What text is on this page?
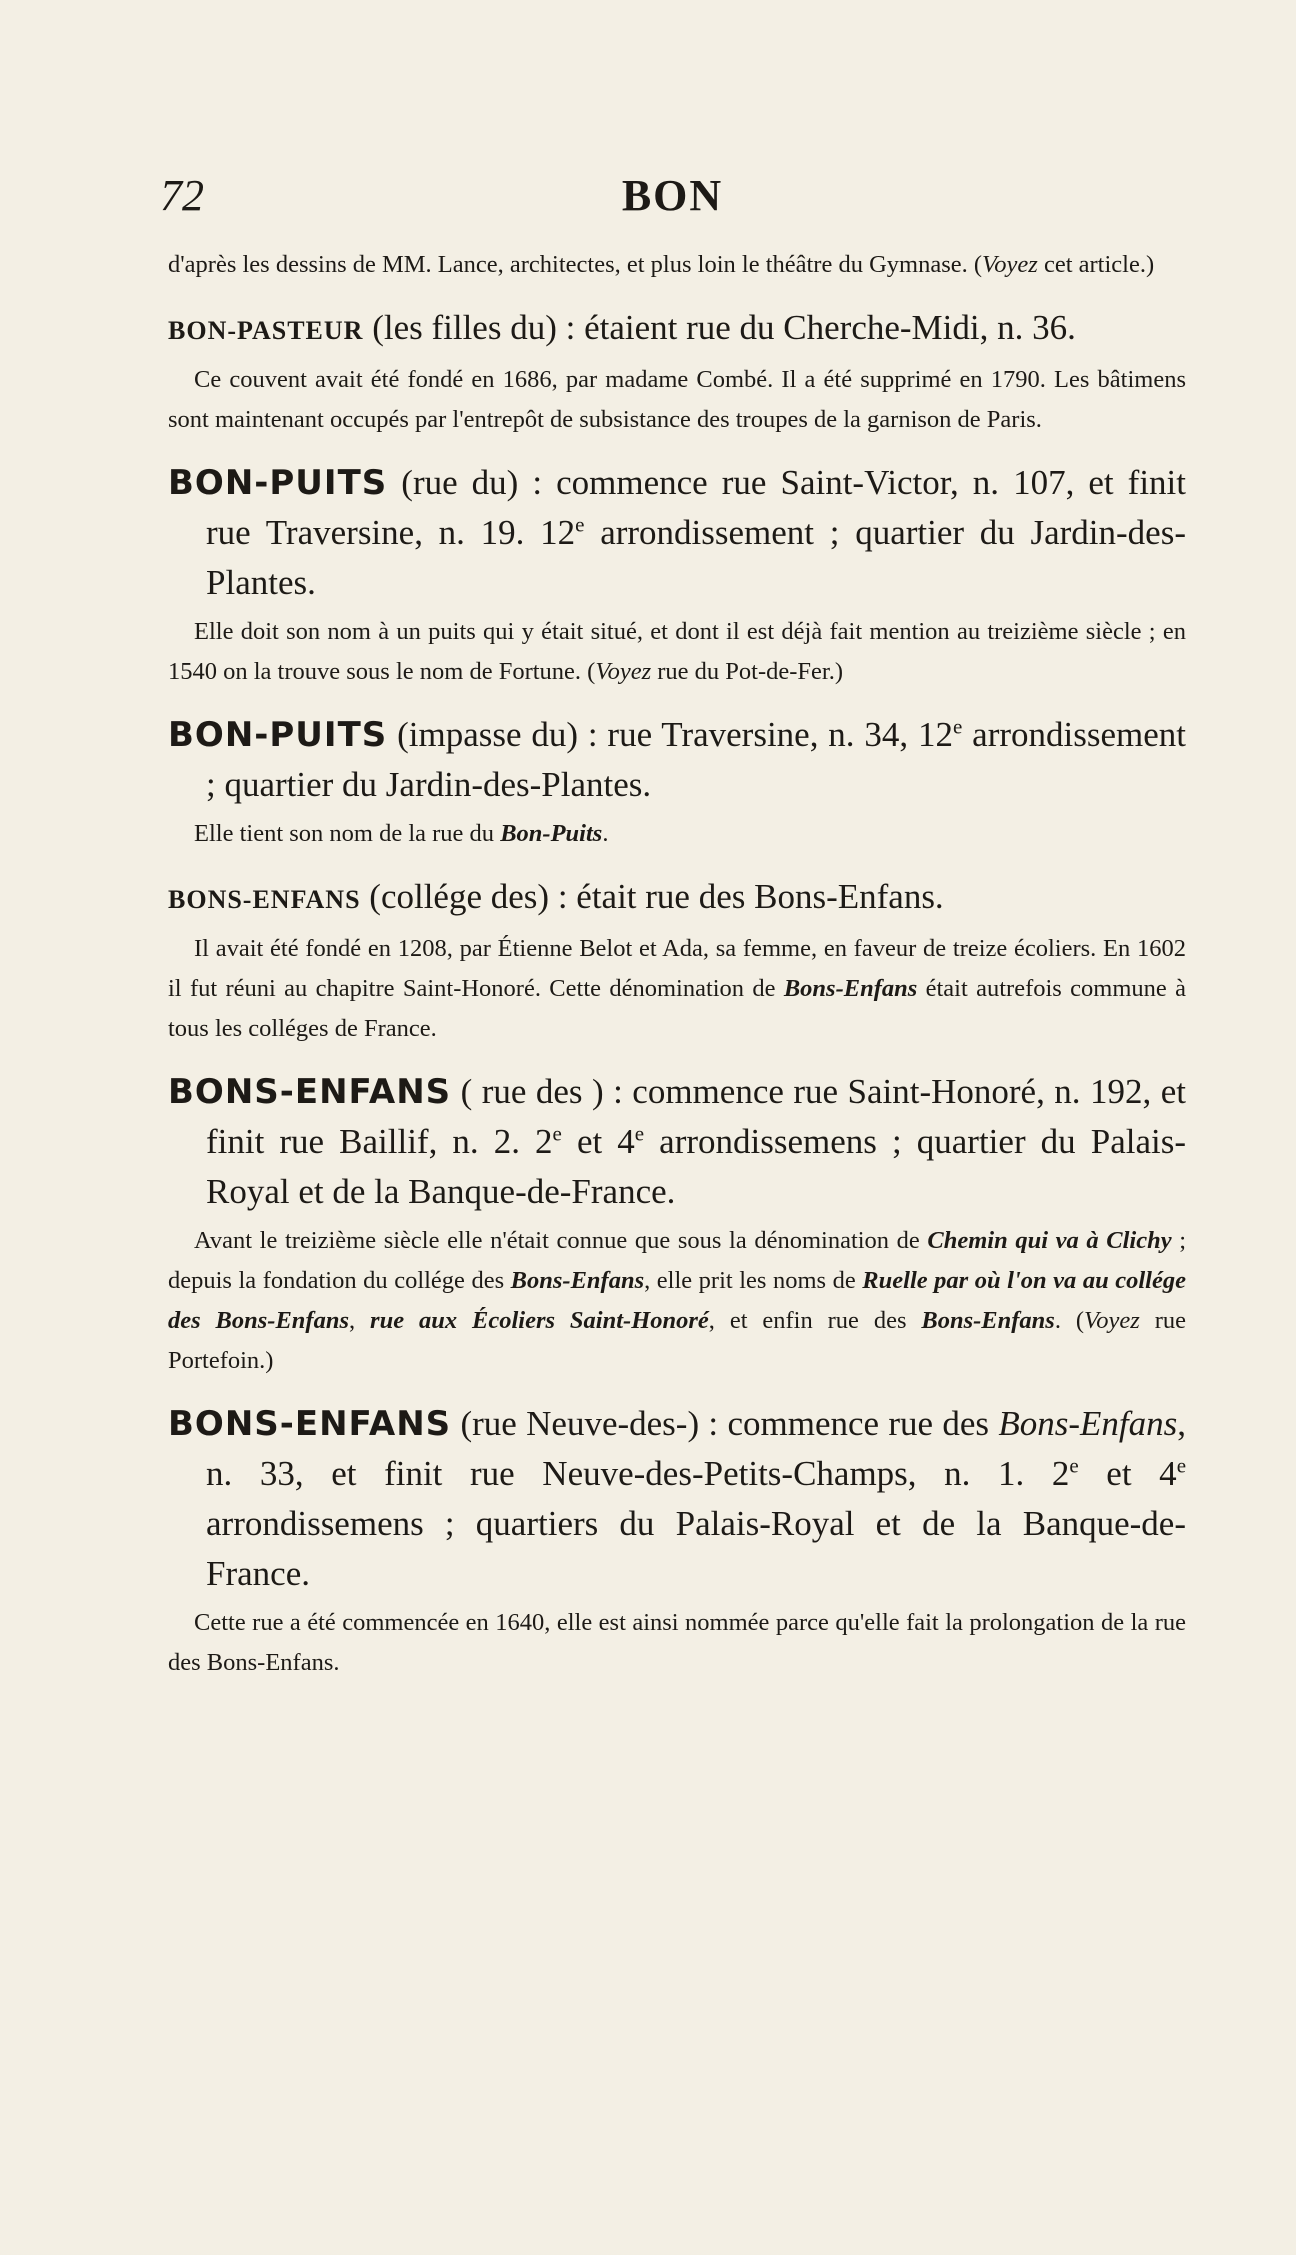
72	BON

d'après les dessins de MM. Lance, architectes, et plus loin le théâtre du Gymnase. (Voyez cet article.)

BON-PASTEUR (les filles du) : étaient rue du Cherche-Midi, n. 36.

Ce couvent avait été fondé en 1686, par madame Combé. Il a été supprimé en 1790. Les bâtimens sont maintenant occupés par l'entrepôt de subsistance des troupes de la garnison de Paris.

BON-PUITS (rue du) : commence rue Saint-Victor, n. 107, et finit rue Traversine, n. 19. 12e arrondissement ; quartier du Jardin-des-Plantes.

Elle doit son nom à un puits qui y était situé, et dont il est déjà fait mention au treizième siècle ; en 1540 on la trouve sous le nom de Fortune. (Voyez rue du Pot-de-Fer.)

BON-PUITS (impasse du) : rue Traversine, n. 34, 12e arrondissement ; quartier du Jardin-des-Plantes.

Elle tient son nom de la rue du Bon-Puits.

BONS-ENFANS (collége des) : était rue des Bons-Enfans.

Il avait été fondé en 1208, par Étienne Belot et Ada, sa femme, en faveur de treize écoliers. En 1602 il fut réuni au chapitre Saint-Honoré. Cette dénomination de Bons-Enfans était autrefois commune à tous les colléges de France.

BONS-ENFANS ( rue des ) : commence rue Saint-Honoré, n. 192, et finit rue Baillif, n. 2. 2e et 4e arrondissemens ; quartier du Palais-Royal et de la Banque-de-France.

Avant le treizième siècle elle n'était connue que sous la dénomination de Chemin qui va à Clichy ; depuis la fondation du collége des Bons-Enfans, elle prit les noms de Ruelle par où l'on va au collége des Bons-Enfans, rue aux Écoliers Saint-Honoré, et enfin rue des Bons-Enfans. (Voyez rue Portefoin.)

BONS-ENFANS (rue Neuve-des-) : commence rue des Bons-Enfans, n. 33, et finit rue Neuve-des-Petits-Champs, n. 1. 2e et 4e arrondissemens ; quartiers du Palais-Royal et de la Banque-de-France.

Cette rue a été commencée en 1640, elle est ainsi nommée parce qu'elle fait la prolongation de la rue des Bons-Enfans.
